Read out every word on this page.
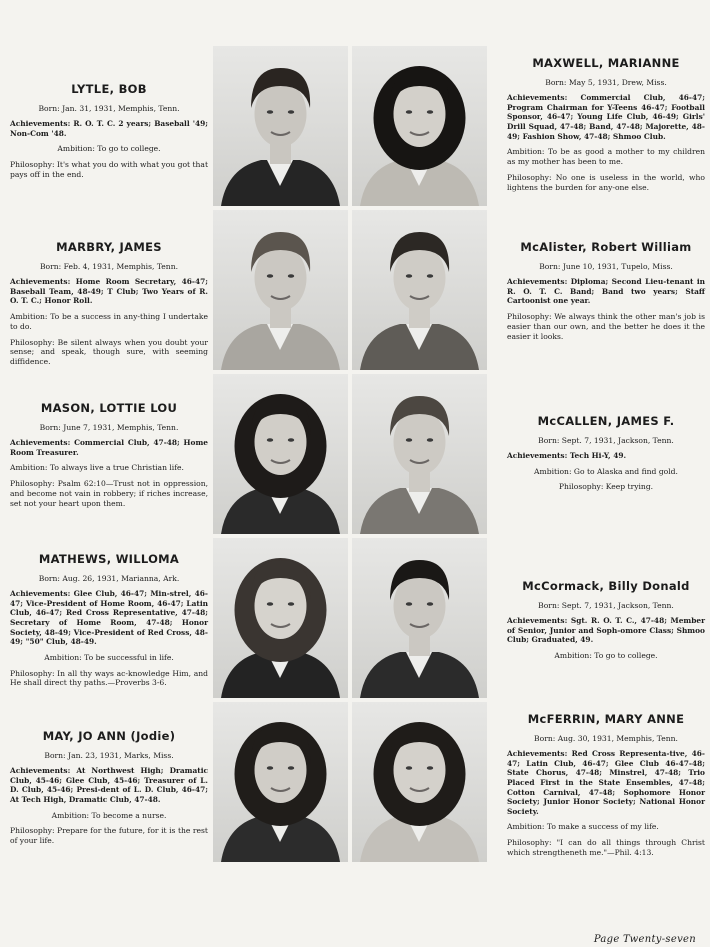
LYTLE, BOB
Born: Jan. 31, 1931, Memphis, Tenn.
Achievements: R. O. T. C. 2 years; Baseball '49; Non-Com '48.
Ambition: To go to college.
Philosophy: It's what you do with what you got that pays off in the end.
MAXWELL, MARIANNE
Born: May 5, 1931, Drew, Miss.
Achievements: Commercial Club, 46-47; Program Chairman for Y-Teens 46-47; Football Sponsor, 46-47; Young Life Club, 46-49; Girls' Drill Squad, 47-48; Band, 47-48; Majorette, 48-49; Fashion Show, 47-48; Shmoo Club.
Ambition: To be as good a mother to my children as my mother has been to me.
Philosophy: No one is useless in the world, who lightens the burden for any-one else.
MARBRY, JAMES
Born: Feb. 4, 1931, Memphis, Tenn.
Achievements: Home Room Secretary, 46-47; Baseball Team, 48-49; T Club; Two Years of R. O. T. C.; Honor Roll.
Ambition: To be a success in any-thing I undertake to do.
Philosophy: Be silent always when you doubt your sense; and speak, though sure, with seeming diffidence.
McAlister, Robert William
Born: June 10, 1931, Tupelo, Miss.
Achievements: Diploma; Second Lieu-tenant in R. O. T. C. Band; Band two years; Staff Cartoonist one year.
Philosophy: We always think the other man's job is easier than our own, and the better he does it the easier it looks.
MASON, LOTTIE LOU
Born: June 7, 1931, Memphis, Tenn.
Achievements: Commercial Club, 47-48; Home Room Treasurer.
Ambition: To always live a true Christian life.
Philosophy: Psalm 62:10—Trust not in oppression, and become not vain in robbery; if riches increase, set not your heart upon them.
McCALLEN, JAMES F.
Born: Sept. 7, 1931, Jackson, Tenn.
Achievements: Tech Hi-Y, 49.
Ambition: Go to Alaska and find gold.
Philosophy: Keep trying.
MATHEWS, WILLOMA
Born: Aug. 26, 1931, Marianna, Ark.
Achievements: Glee Club, 46-47; Min-strel, 46-47; Vice-President of Home Room, 46-47; Latin Club, 46-47; Red Cross Representative, 47-48; Secretary of Home Room, 47-48; Honor Society, 48-49; Vice-President of Red Cross, 48-49; "50" Club, 48-49.
Ambition: To be successful in life.
Philosophy: In all thy ways ac-knowledge Him, and He shall direct thy paths.—Proverbs 3-6.
McCormack, Billy Donald
Born: Sept. 7, 1931, Jackson, Tenn.
Achievements: Sgt. R. O. T. C., 47-48; Member of Senior, Junior and Soph-omore Class; Shmoo Club; Graduated, 49.
Ambition: To go to college.
MAY, JO ANN (Jodie)
Born: Jan. 23, 1931, Marks, Miss.
Achievements: At Northwest High; Dramatic Club, 45-46; Glee Club, 45-46; Treasurer of L. D. Club, 45-46; Presi-dent of L. D. Club, 46-47; At Tech High, Dramatic Club, 47-48.
Ambition: To become a nurse.
Philosophy: Prepare for the future, for it is the rest of your life.
McFERRIN, MARY ANNE
Born: Aug. 30, 1931, Memphis, Tenn.
Achievements: Red Cross Representa-tive, 46-47; Latin Club, 46-47; Glee Club 46-47-48; State Chorus, 47-48; Minstrel, 47-48; Trio Placed First in the State Ensembles, 47-48; Cotton Carnival, 47-48; Sophomore Honor Society; Junior Honor Society; National Honor Society.
Ambition: To make a success of my life.
Philosophy: "I can do all things through Christ which strengtheneth me."—Phil. 4:13.
Page Twenty-seven
